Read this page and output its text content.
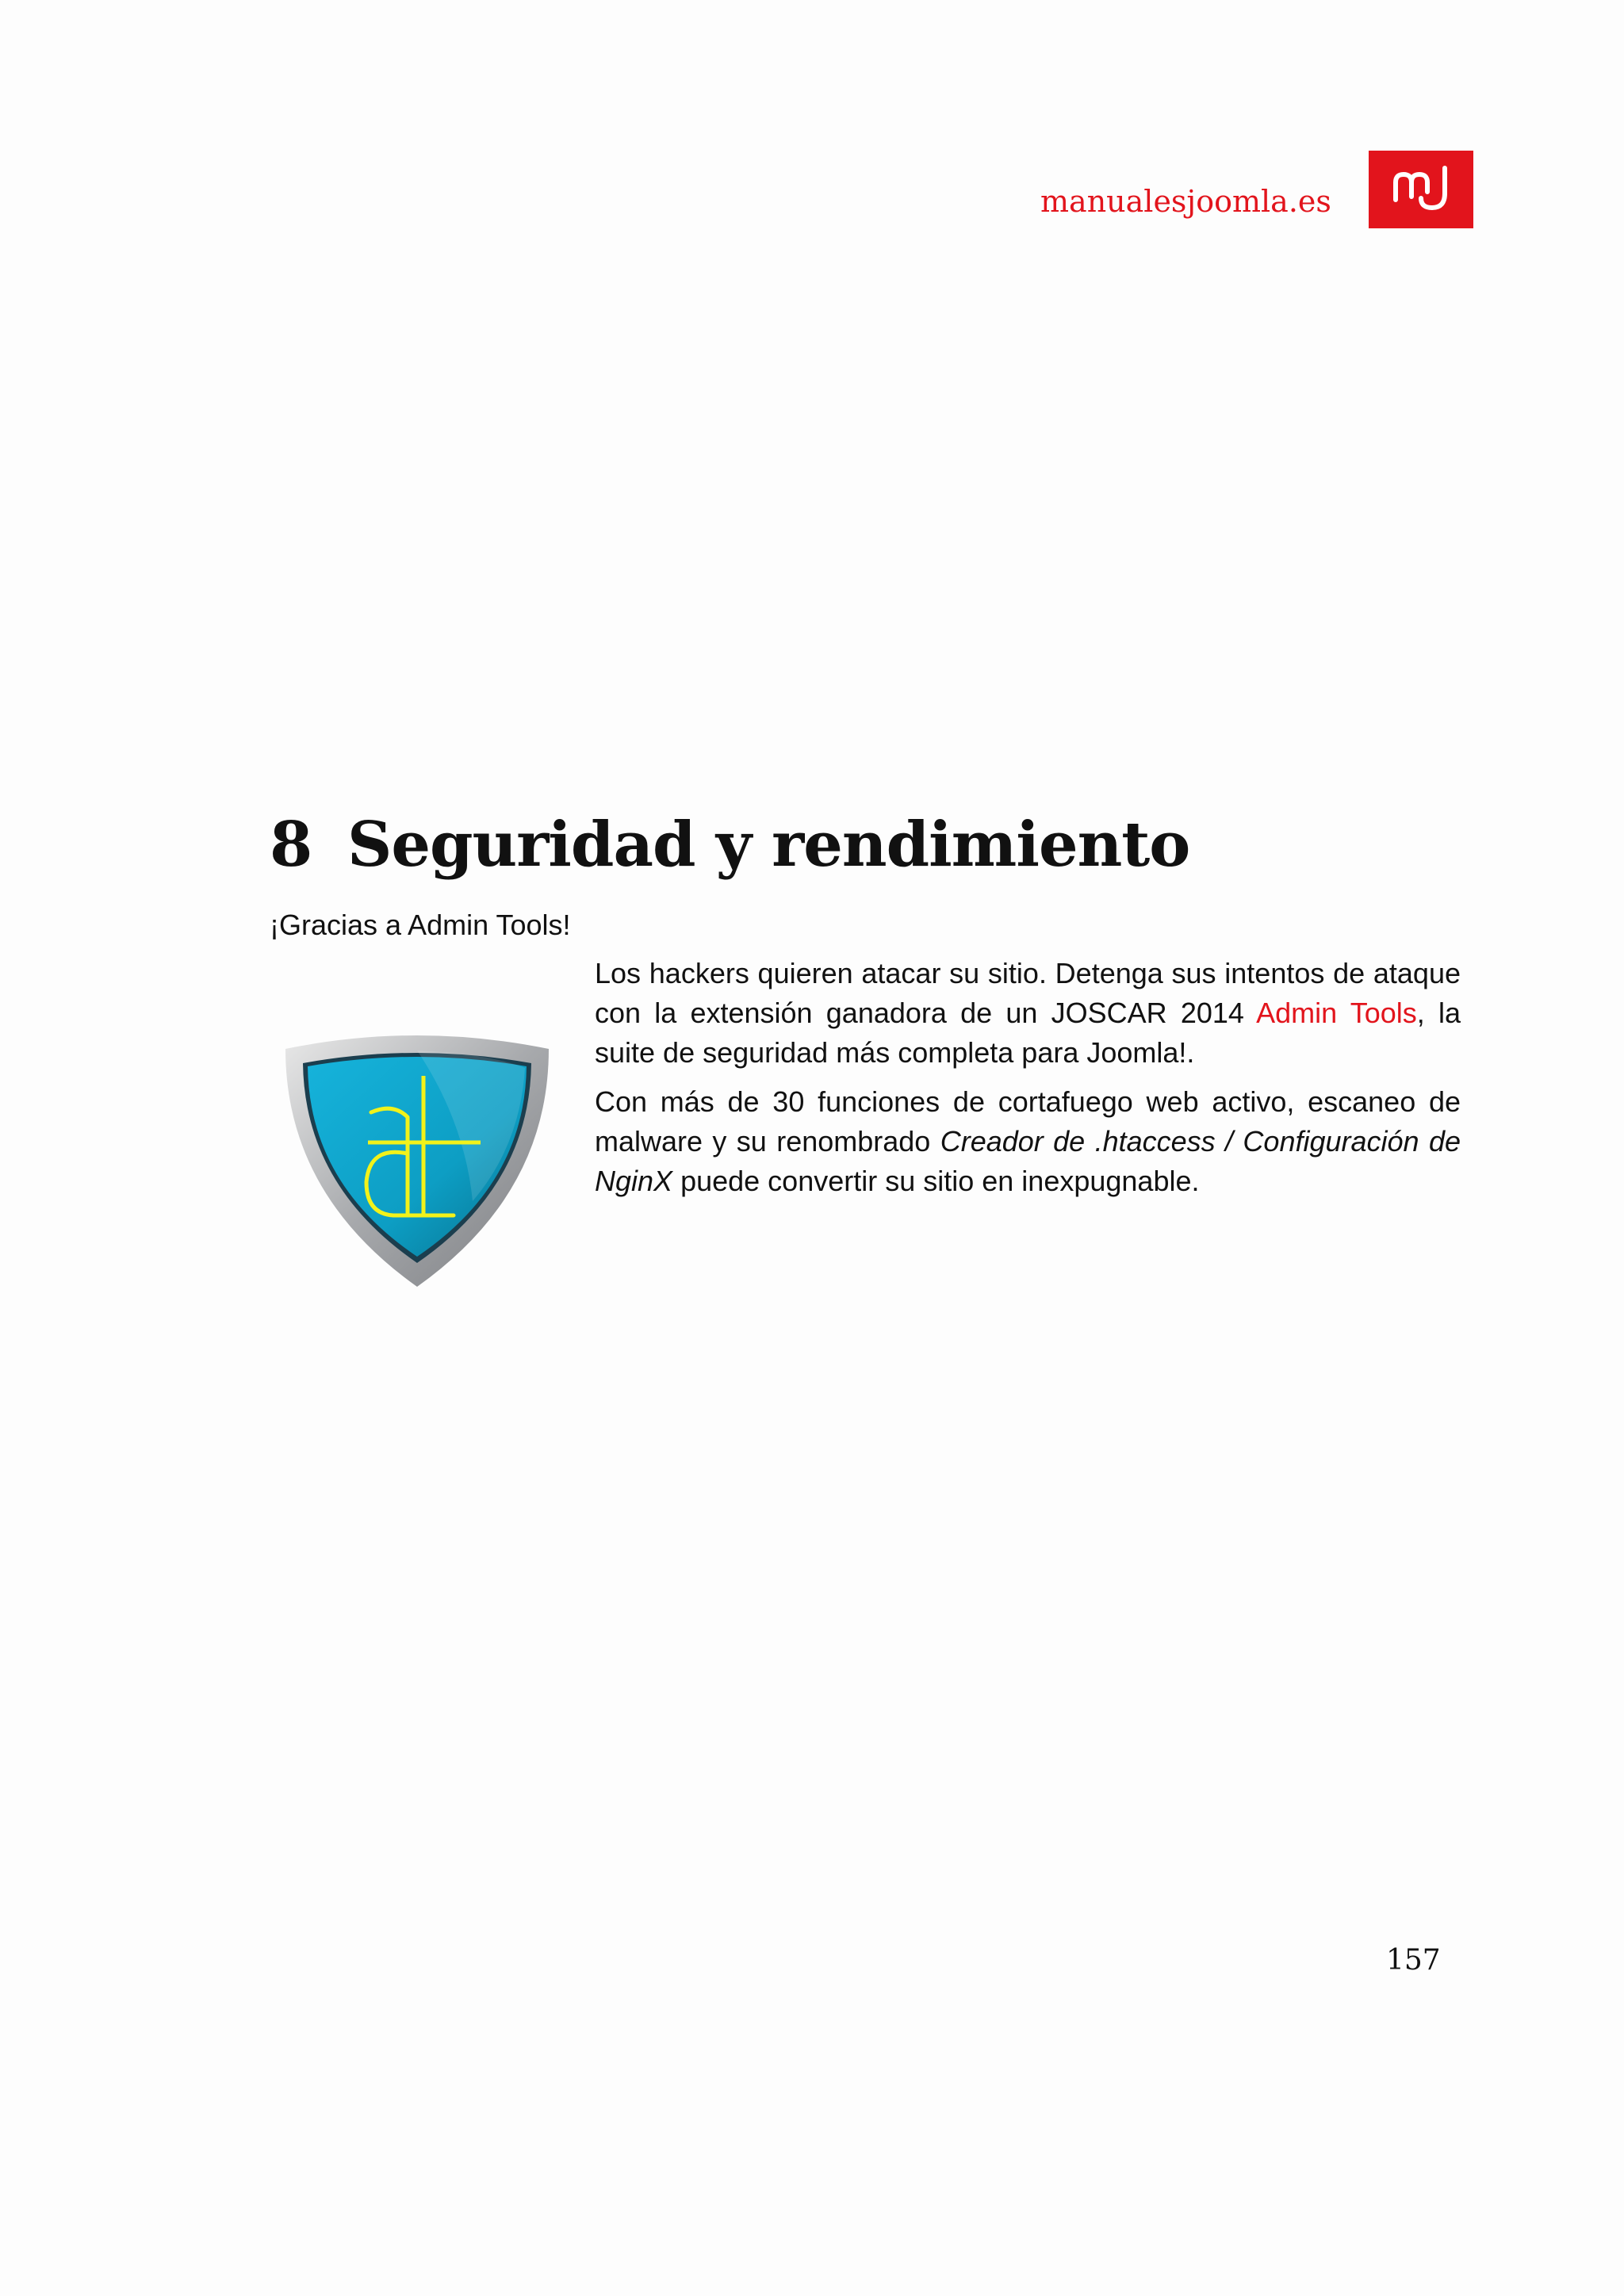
manualesjoomla.es
8 Seguridad y rendimiento
¡Gracias a Admin Tools!

Los hackers quieren atacar su sitio. Detenga sus intentos de ataque con la extensión ganadora de un JOSCAR 2014 Admin Tools, la suite de seguridad más completa para Joomla!.

Con más de 30 funciones de cortafuego web activo, escaneo de malware y su renombrado Creador de .htaccess / Configuración de NginX puede convertir su sitio en inexpugnable.

157
